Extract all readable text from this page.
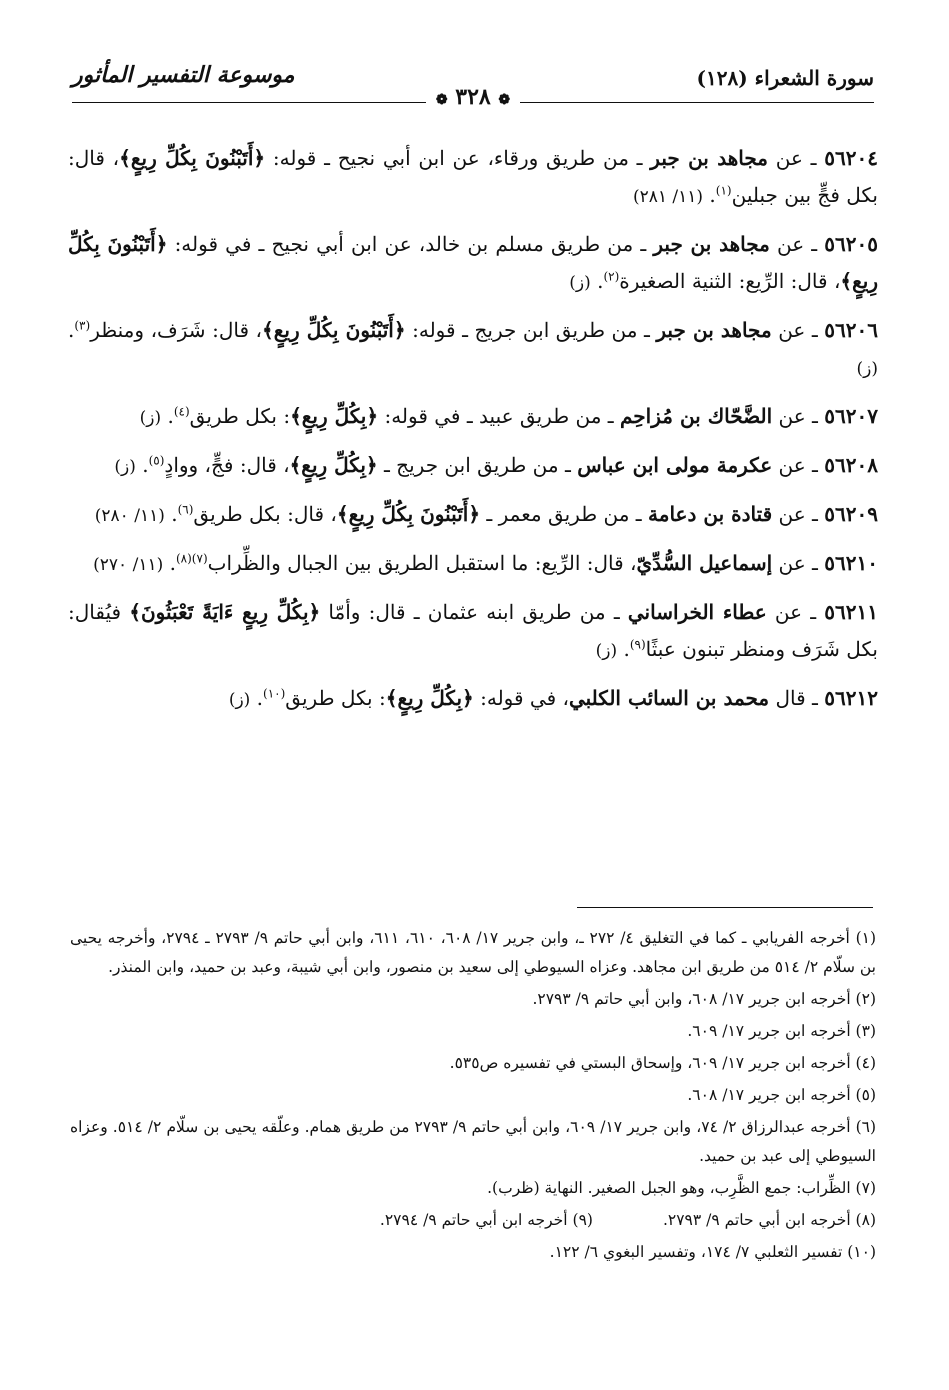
سورة الشعراء (١٢٨)
موسوعة التفسير المأثور
❁ ٣٢٨ ❁

٥٦٢٠٤ ـ عن مجاهد بن جبر ـ من طريق ورقاء، عن ابن أبي نجيح ـ قوله: ﴿أَتَبْنُونَ بِكُلِّ رِيعٍ﴾، قال: بكل فجٍّ بين جبلين$^{(١)}$. (١١/ ٢٨١)

٥٦٢٠٥ ـ عن مجاهد بن جبر ـ من طريق مسلم بن خالد، عن ابن أبي نجيح ـ في قوله: ﴿أَتَبْنُونَ بِكُلِّ رِيعٍ﴾، قال: الرِّيع: الثنية الصغيرة$^{(٢)}$. (ز)

٥٦٢٠٦ ـ عن مجاهد بن جبر ـ من طريق ابن جريج ـ قوله: ﴿أَتَبْنُونَ بِكُلِّ رِيعٍ﴾، قال: شَرَف، ومنظر$^{(٣)}$. (ز)

٥٦٢٠٧ ـ عن الضَّحّاك بن مُزاحِم ـ من طريق عبيد ـ في قوله: ﴿بِكُلِّ رِيعٍ﴾: بكل طريق$^{(٤)}$. (ز)

٥٦٢٠٨ ـ عن عكرمة مولى ابن عباس ـ من طريق ابن جريج ـ ﴿بِكُلِّ رِيعٍ﴾، قال: فجٍّ، ووادٍ$^{(٥)}$. (ز)

٥٦٢٠٩ ـ عن قتادة بن دعامة ـ من طريق معمر ـ ﴿أَتَبْنُونَ بِكُلِّ رِيعٍ﴾، قال: بكل طريق$^{(٦)}$. (١١/ ٢٨٠)

٥٦٢١٠ ـ عن إسماعيل السُّدِّيّ، قال: الرِّيع: ما استقبل الطريق بين الجبال والظِّراب$^{(٧)(٨)}$. (١١/ ٢٧٠)

٥٦٢١١ ـ عن عطاء الخراساني ـ من طريق ابنه عثمان ـ قال: وأمّا ﴿بِكُلِّ رِيعٍ ءَايَةً تَعْبَثُونَ﴾ فيُقال: بكل شَرَف ومنظر تبنون عبثًا$^{(٩)}$. (ز)

٥٦٢١٢ ـ قال محمد بن السائب الكلبي، في قوله: ﴿بِكُلِّ رِيعٍ﴾: بكل طريق$^{(١٠)}$. (ز)

(١) أخرجه الفريابي ـ كما في التغليق ٤/ ٢٧٢ ـ، وابن جرير ١٧/ ٦٠٨، ٦١٠، ٦١١، وابن أبي حاتم ٩/ ٢٧٩٣ ـ ٢٧٩٤، وأخرجه يحيى بن سلّام ٢/ ٥١٤ من طريق ابن مجاهد. وعزاه السيوطي إلى سعيد بن منصور، وابن أبي شيبة، وعبد بن حميد، وابن المنذر.

(٢) أخرجه ابن جرير ١٧/ ٦٠٨، وابن أبي حاتم ٩/ ٢٧٩٣.

(٣) أخرجه ابن جرير ١٧/ ٦٠٩.

(٤) أخرجه ابن جرير ١٧/ ٦٠٩، وإسحاق البستي في تفسيره ص٥٣٥.

(٥) أخرجه ابن جرير ١٧/ ٦٠٨.

(٦) أخرجه عبدالرزاق ٢/ ٧٤، وابن جرير ١٧/ ٦٠٩، وابن أبي حاتم ٩/ ٢٧٩٣ من طريق همام. وعلّقه يحيى بن سلّام ٢/ ٥١٤. وعزاه السيوطي إلى عبد بن حميد.

(٧) الظِّراب: جمع الظَّرِب، وهو الجبل الصغير. النهاية (ظرب).

(٨) أخرجه ابن أبي حاتم ٩/ ٢٧٩٣.
(٩) أخرجه ابن أبي حاتم ٩/ ٢٧٩٤.

(١٠) تفسير الثعلبي ٧/ ١٧٤، وتفسير البغوي ٦/ ١٢٢.
